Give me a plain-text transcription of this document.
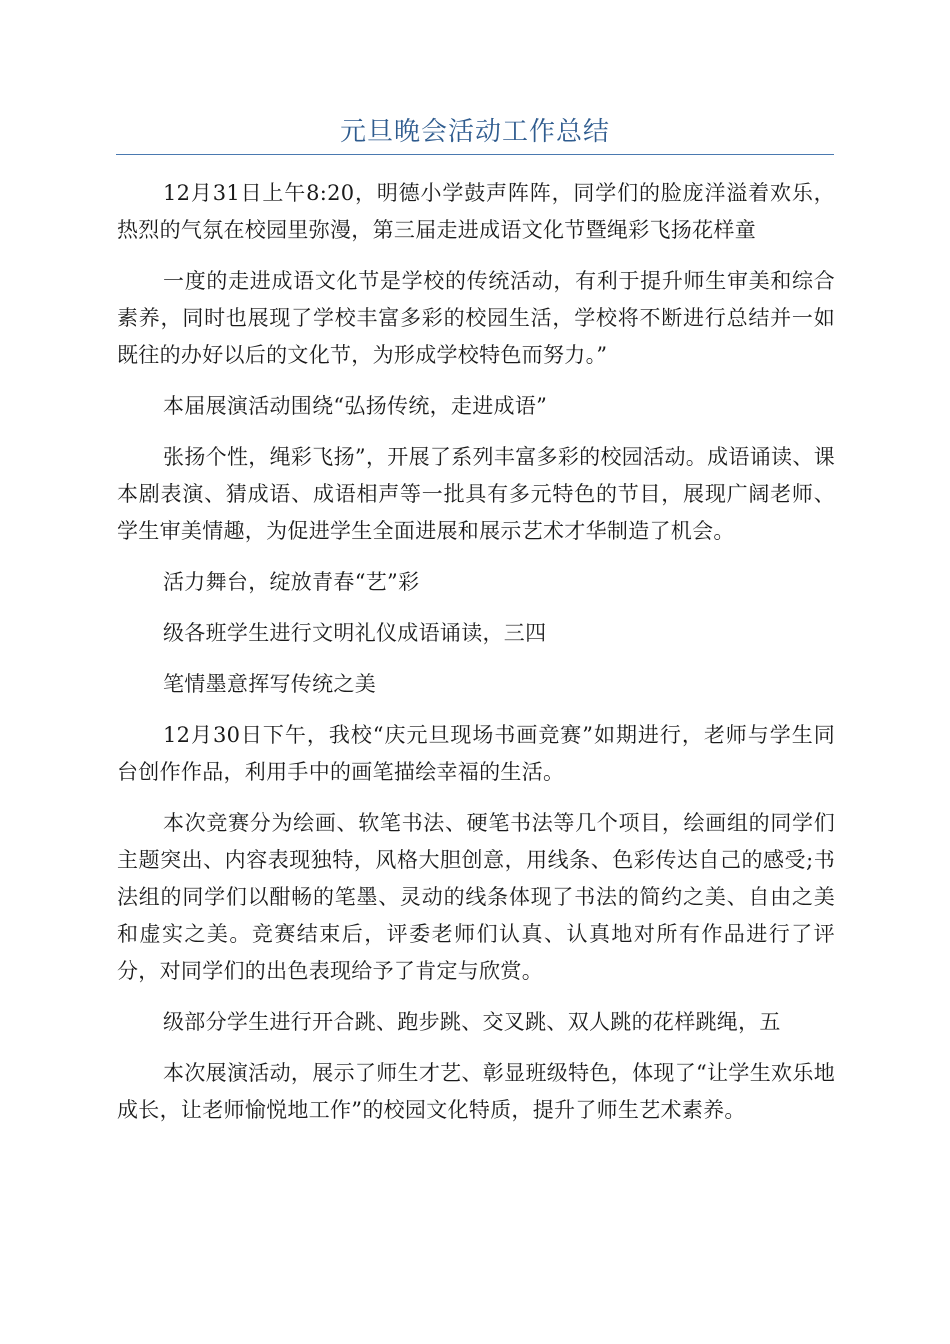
元旦晚会活动工作总结

12月31日上午8:20，明德小学鼓声阵阵，同学们的脸庞洋溢着欢乐，热烈的气氛在校园里弥漫，第三届走进成语文化节暨绳彩飞扬花样童

一度的走进成语文化节是学校的传统活动，有利于提升师生审美和综合素养，同时也展现了学校丰富多彩的校园生活，学校将不断进行总结并一如既往的办好以后的文化节，为形成学校特色而努力。”

本届展演活动围绕“弘扬传统，走进成语”

张扬个性，绳彩飞扬”，开展了系列丰富多彩的校园活动。成语诵读、课本剧表演、猜成语、成语相声等一批具有多元特色的节目，展现广阔老师、学生审美情趣，为促进学生全面进展和展示艺术才华制造了机会。

活力舞台，绽放青春“艺”彩

级各班学生进行文明礼仪成语诵读，三四

笔情墨意挥写传统之美

12月30日下午，我校“庆元旦现场书画竞赛”如期进行，老师与学生同台创作作品，利用手中的画笔描绘幸福的生活。

本次竞赛分为绘画、软笔书法、硬笔书法等几个项目，绘画组的同学们主题突出、内容表现独特，风格大胆创意，用线条、色彩传达自己的感受;书法组的同学们以酣畅的笔墨、灵动的线条体现了书法的简约之美、自由之美和虚实之美。竞赛结束后，评委老师们认真、认真地对所有作品进行了评分，对同学们的出色表现给予了肯定与欣赏。

级部分学生进行开合跳、跑步跳、交叉跳、双人跳的花样跳绳，五

本次展演活动，展示了师生才艺、彰显班级特色，体现了“让学生欢乐地成长，让老师愉悦地工作”的校园文化特质，提升了师生艺术素养。
